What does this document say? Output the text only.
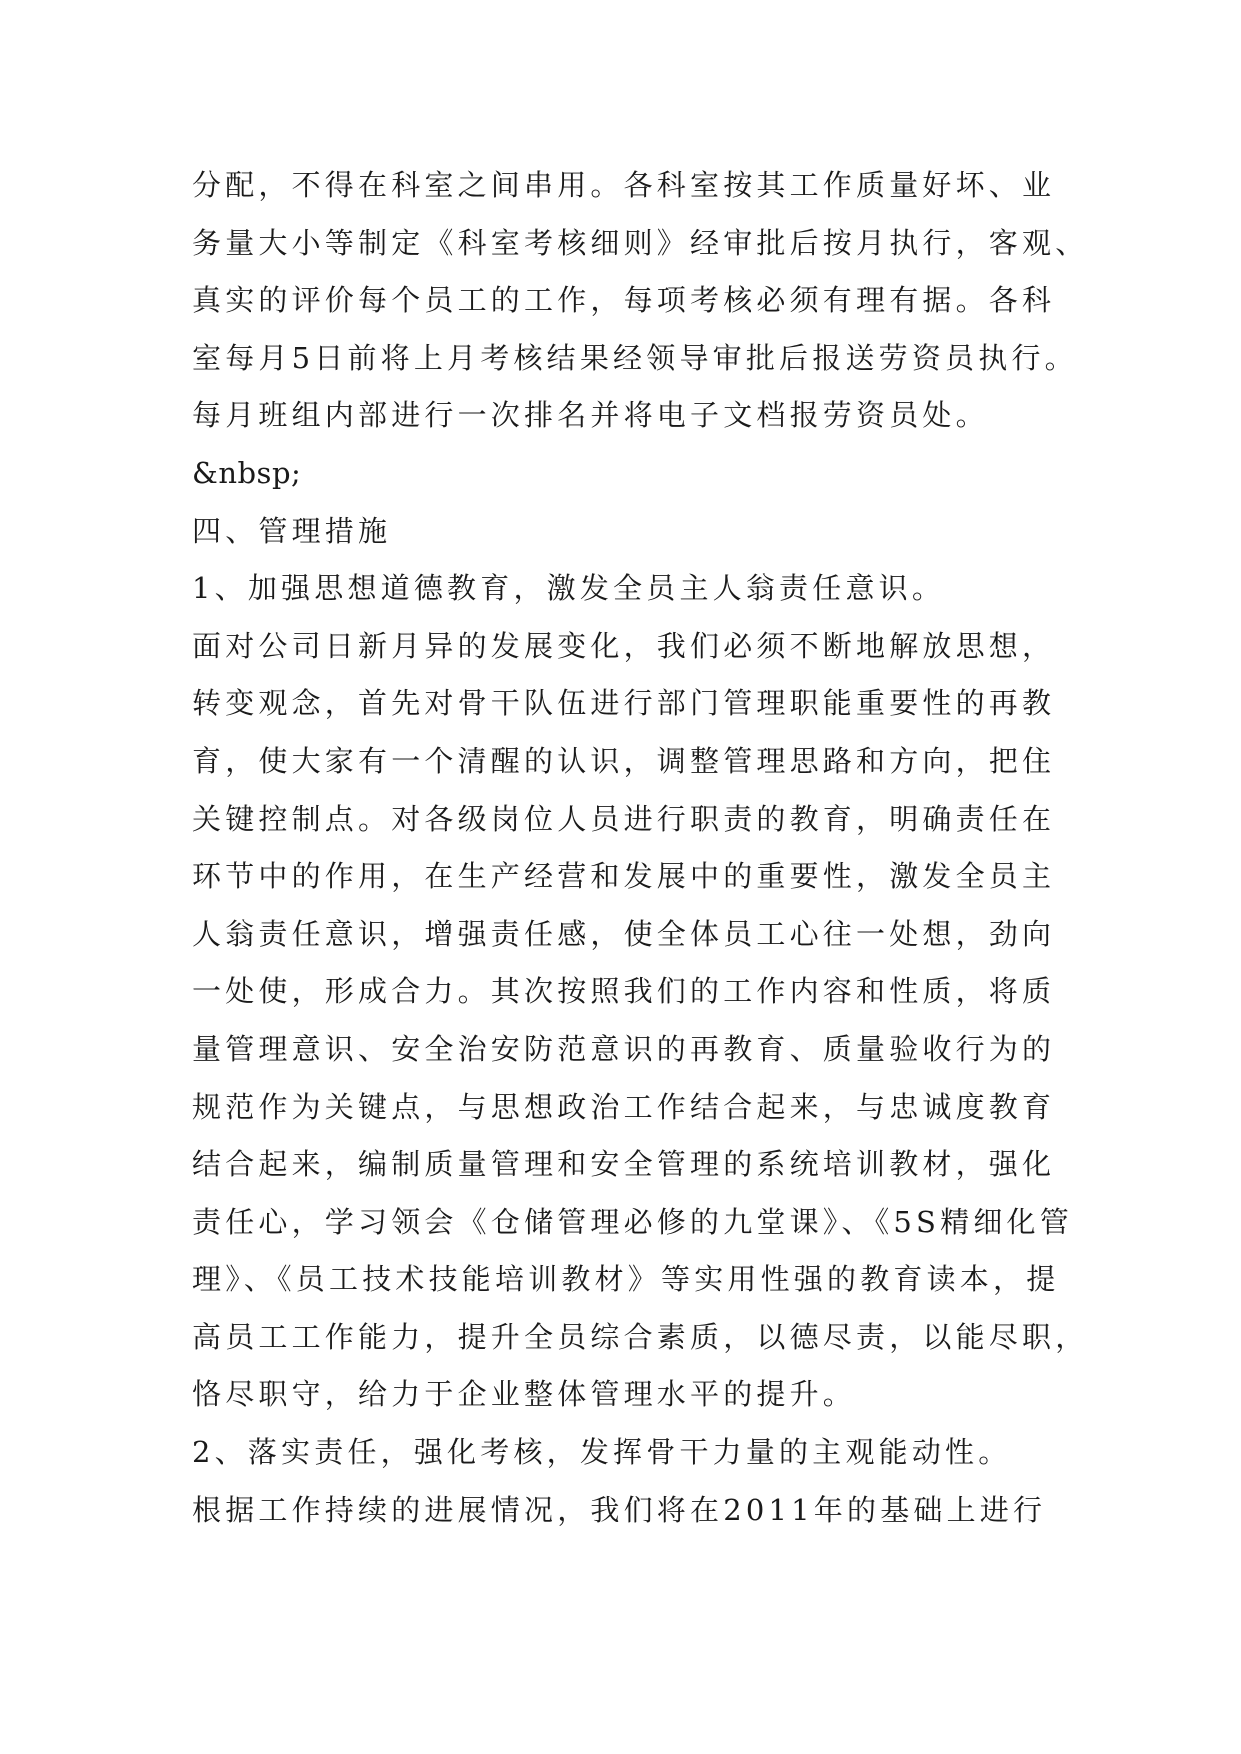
分配，不得在科室之间串用。各科室按其工作质量好坏、业
务量大小等制定《科室考核细则》经审批后按月执行，客观、
真实的评价每个员工的工作，每项考核必须有理有据。各科
室每月5日前将上月考核结果经领导审批后报送劳资员执行。
每月班组内部进行一次排名并将电子文档报劳资员处。
&nbsp;
四、管理措施
1、加强思想道德教育，激发全员主人翁责任意识。
面对公司日新月异的发展变化，我们必须不断地解放思想，
转变观念，首先对骨干队伍进行部门管理职能重要性的再教
育，使大家有一个清醒的认识，调整管理思路和方向，把住
关键控制点。对各级岗位人员进行职责的教育，明确责任在
环节中的作用，在生产经营和发展中的重要性，激发全员主
人翁责任意识，增强责任感，使全体员工心往一处想，劲向
一处使，形成合力。其次按照我们的工作内容和性质，将质
量管理意识、安全治安防范意识的再教育、质量验收行为的
规范作为关键点，与思想政治工作结合起来，与忠诚度教育
结合起来，编制质量管理和安全管理的系统培训教材，强化
责任心，学习领会《仓储管理必修的九堂课》、《5S精细化管
理》、《员工技术技能培训教材》等实用性强的教育读本，提
高员工工作能力，提升全员综合素质，以德尽责，以能尽职，
恪尽职守，给力于企业整体管理水平的提升。
2、落实责任，强化考核，发挥骨干力量的主观能动性。
根据工作持续的进展情况，我们将在2011年的基础上进行
